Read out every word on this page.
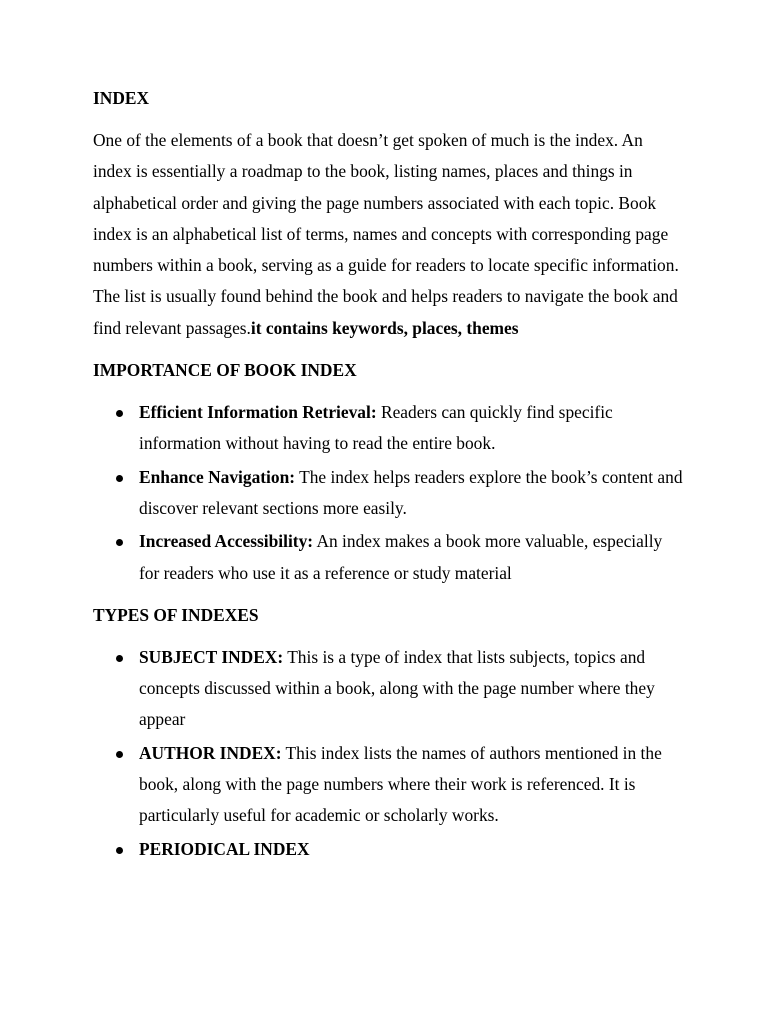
INDEX

One of the elements of a book that doesn’t get spoken of much is the index. An index is essentially a roadmap to the book, listing names, places and things in alphabetical order and giving the page numbers associated with each topic. Book index is an alphabetical list of terms, names and concepts with corresponding page numbers within a book, serving as a guide for readers to locate specific information. The list is usually found behind the book and helps readers to navigate the book and find relevant passages.it contains keywords, places, themes

IMPORTANCE OF BOOK INDEX

Efficient Information Retrieval: Readers can quickly find specific information without having to read the entire book.
Enhance Navigation: The index helps readers explore the book’s content and discover relevant sections more easily.
Increased Accessibility: An index makes a book more valuable, especially for readers who use it as a reference or study material

TYPES OF INDEXES

SUBJECT INDEX: This is a type of index that lists subjects, topics and concepts discussed within a book, along with the page number where they appear
AUTHOR INDEX: This index lists the names of authors mentioned in the book, along with the page numbers where their work is referenced. It is particularly useful for academic or scholarly works.
PERIODICAL INDEX
